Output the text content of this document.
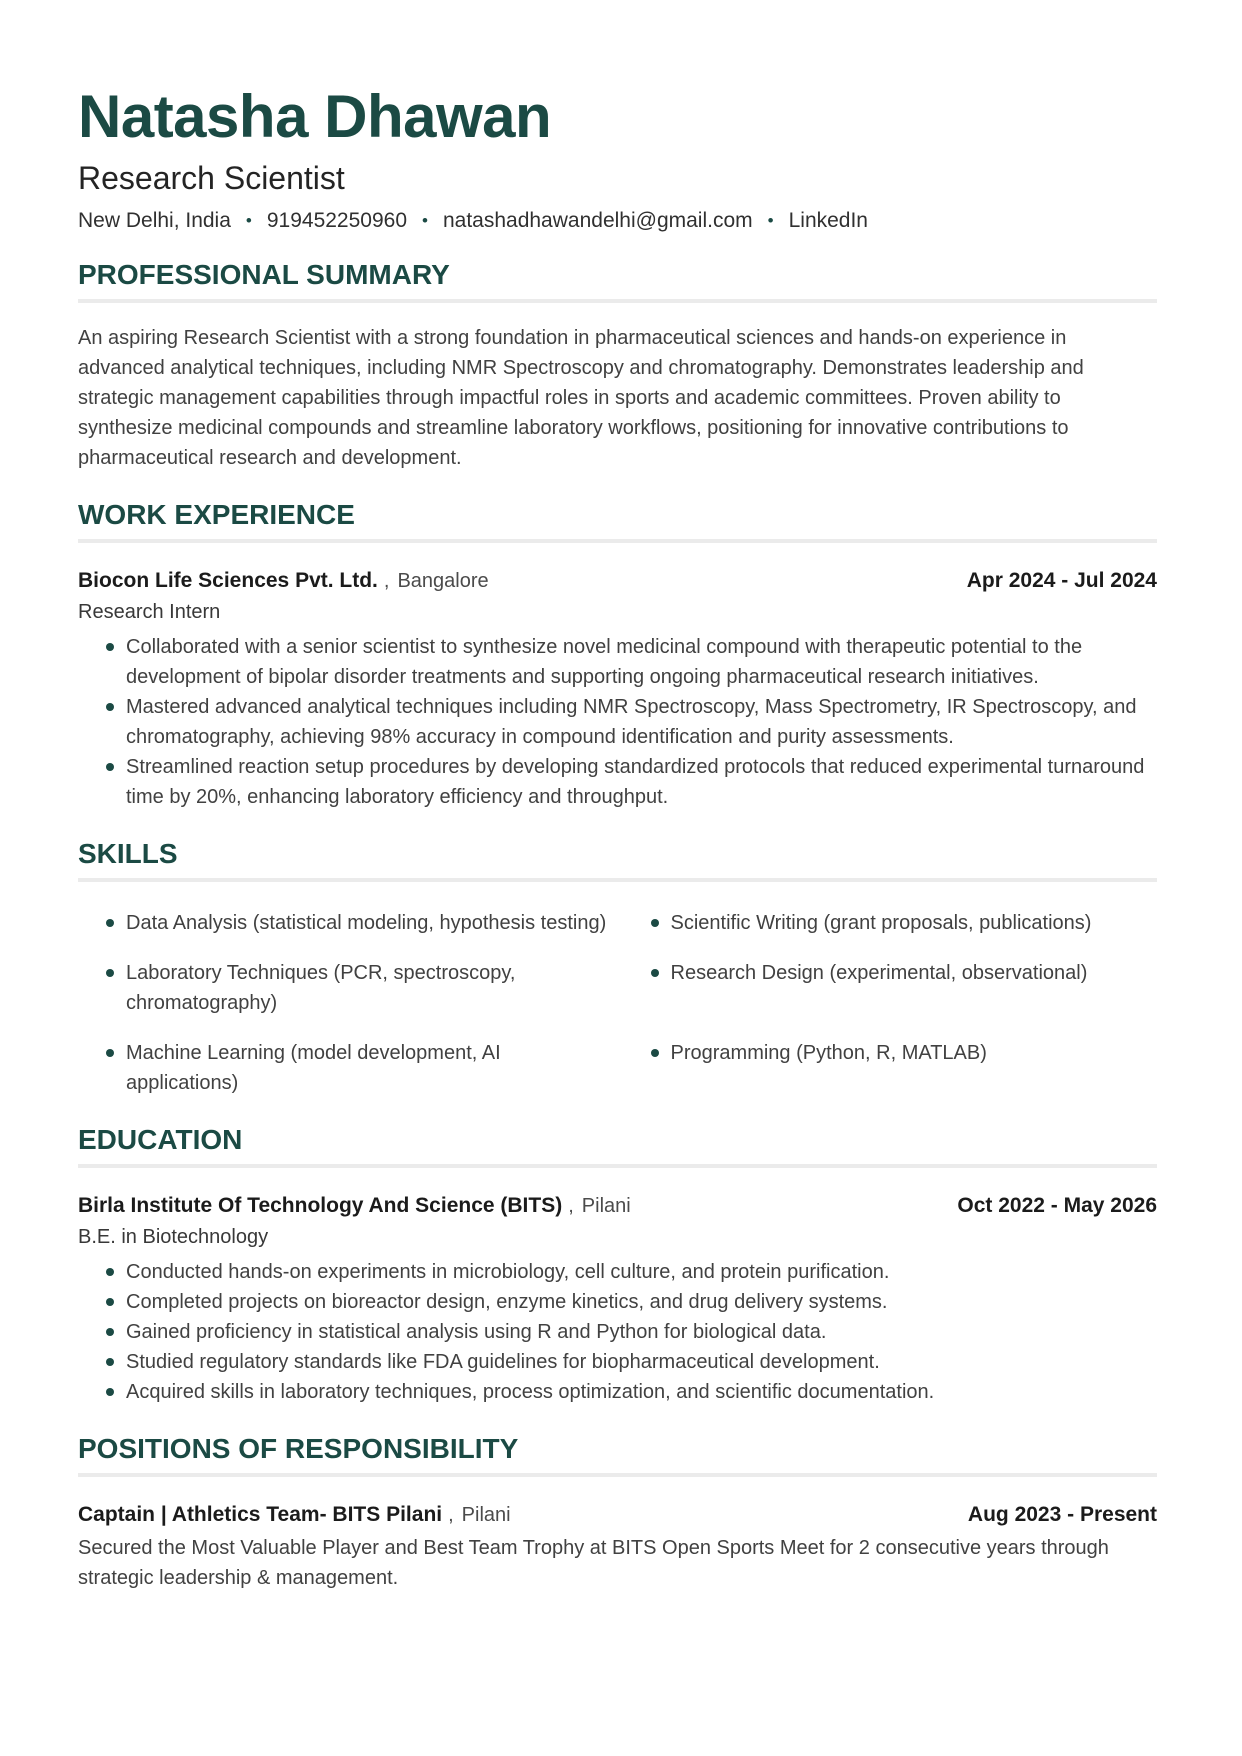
Natasha Dhawan
Research Scientist
New Delhi, India • 919452250960 • natashadhawandelhi@gmail.com • LinkedIn
PROFESSIONAL SUMMARY

An aspiring Research Scientist with a strong foundation in pharmaceutical sciences and hands-on experience in advanced analytical techniques, including NMR Spectroscopy and chromatography. Demonstrates leadership and strategic management capabilities through impactful roles in sports and academic committees. Proven ability to synthesize medicinal compounds and streamline laboratory workflows, positioning for innovative contributions to pharmaceutical research and development.

WORK EXPERIENCE
Biocon Life Sciences Pvt. Ltd. , Bangalore	Apr 2024 - Jul 2024
Research Intern
Collaborated with a senior scientist to synthesize novel medicinal compound with therapeutic potential to the development of bipolar disorder treatments and supporting ongoing pharmaceutical research initiatives.
Mastered advanced analytical techniques including NMR Spectroscopy, Mass Spectrometry, IR Spectroscopy, and chromatography, achieving 98% accuracy in compound identification and purity assessments.
Streamlined reaction setup procedures by developing standardized protocols that reduced experimental turnaround time by 20%, enhancing laboratory efficiency and throughput.
SKILLS
Data Analysis (statistical modeling, hypothesis testing)	Scientific Writing (grant proposals, publications)
Laboratory Techniques (PCR, spectroscopy, chromatography)
Research Design (experimental, observational)
Machine Learning (model development, AI applications)
Programming (Python, R, MATLAB)
EDUCATION
Birla Institute Of Technology And Science (BITS) , Pilani	Oct 2022 - May 2026
B.E. in Biotechnology
Conducted hands-on experiments in microbiology, cell culture, and protein purification.
Completed projects on bioreactor design, enzyme kinetics, and drug delivery systems.
Gained proficiency in statistical analysis using R and Python for biological data.
Studied regulatory standards like FDA guidelines for biopharmaceutical development.
Acquired skills in laboratory techniques, process optimization, and scientific documentation.
POSITIONS OF RESPONSIBILITY
Captain | Athletics Team- BITS Pilani , Pilani	Aug 2023 - Present

Secured the Most Valuable Player and Best Team Trophy at BITS Open Sports Meet for 2 consecutive years through strategic leadership & management.
